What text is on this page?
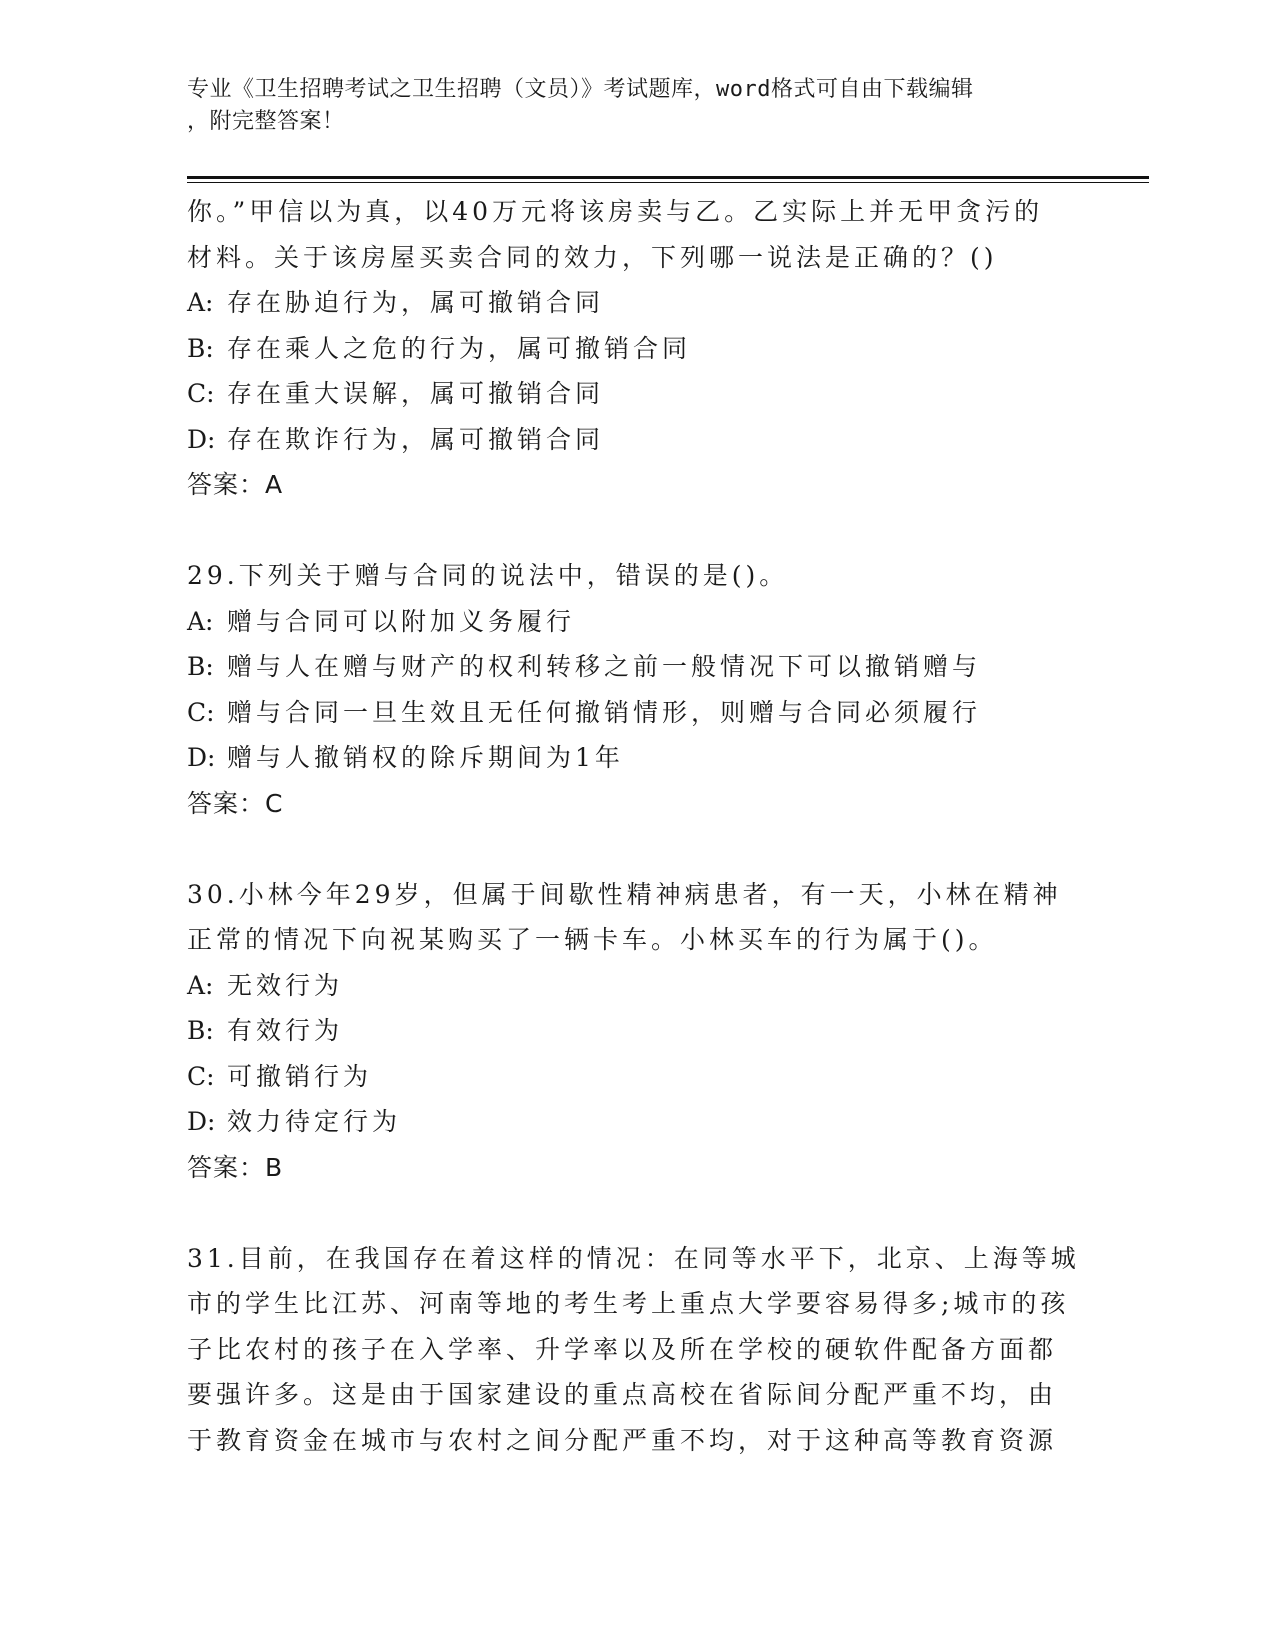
专业《卫生招聘考试之卫生招聘（文员）》考试题库，word格式可自由下载编辑
，附完整答案！
你。”甲信以为真，以40万元将该房卖与乙。乙实际上并无甲贪污的
材料。关于该房屋买卖合同的效力，下列哪一说法是正确的？()
A: 存在胁迫行为，属可撤销合同
B: 存在乘人之危的行为，属可撤销合同
C: 存在重大误解，属可撤销合同
D: 存在欺诈行为，属可撤销合同
答案：A
29.下列关于赠与合同的说法中，错误的是()。
A: 赠与合同可以附加义务履行
B: 赠与人在赠与财产的权利转移之前一般情况下可以撤销赠与
C: 赠与合同一旦生效且无任何撤销情形，则赠与合同必须履行
D: 赠与人撤销权的除斥期间为1年
答案：C
30.小林今年29岁，但属于间歇性精神病患者，有一天，小林在精神
正常的情况下向祝某购买了一辆卡车。小林买车的行为属于()。
A: 无效行为
B: 有效行为
C: 可撤销行为
D: 效力待定行为
答案：B
31.目前，在我国存在着这样的情况：在同等水平下，北京、上海等城
市的学生比江苏、河南等地的考生考上重点大学要容易得多;城市的孩
子比农村的孩子在入学率、升学率以及所在学校的硬软件配备方面都
要强许多。这是由于国家建设的重点高校在省际间分配严重不均，由
于教育资金在城市与农村之间分配严重不均，对于这种高等教育资源
